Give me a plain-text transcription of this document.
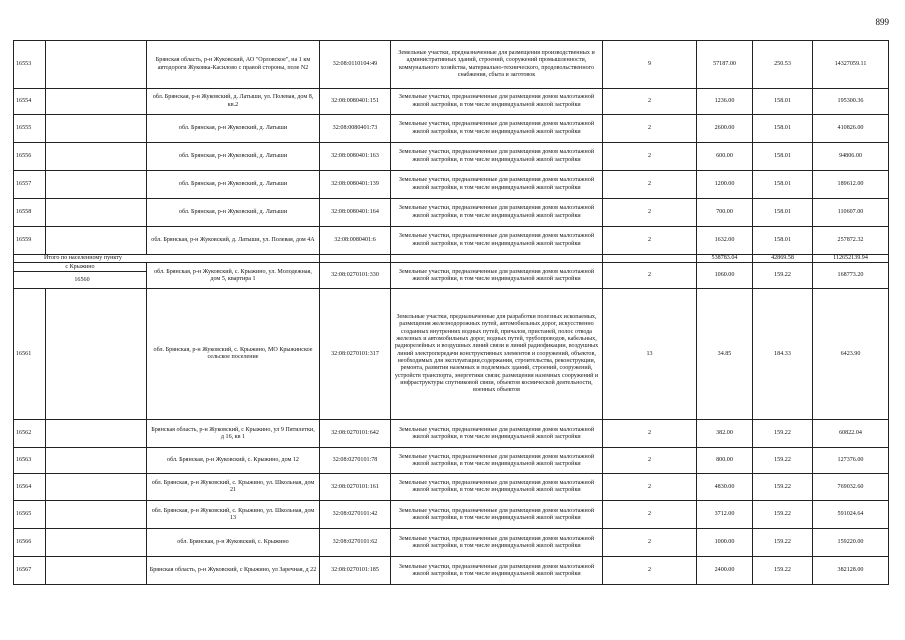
899
16553		Брянская область, р-н Жуковский, АО "Орловское", на 1 км автодороги Жуковка-Касилово с правой стороны, поле N2	32:08:0110104:49	Земельные участки, предназначенные для размещения производственных и административных зданий, строений, сооружений промышленности, коммунального хозяйства, материально-технического, продовольственного снабжения, сбыта и заготовок	9	57187.00	250.53	14327059.11
16554		обл. Брянская, р-н Жуковский, д. Латыши, ул. Полевая, дом 8, кв.2	32:08:0080401:151	Земельные участки, предназначенные для размещения домов малоэтажной жилой застройки, в том числе индивидуальной жилой застройки	2	1236.00	158.01	195300.36
16555		обл. Брянская, р-н Жуковский, д. Латыши	32:08:0080401:73	Земельные участки, предназначенные для размещения домов малоэтажной жилой застройки, в том числе индивидуальной жилой застройки	2	2600.00	158.01	410826.00
16556		обл. Брянская, р-н Жуковский, д. Латыши	32:08:0080401:163	Земельные участки, предназначенные для размещения домов малоэтажной жилой застройки, в том числе индивидуальной жилой застройки	2	600.00	158.01	94806.00
16557		обл. Брянская, р-н Жуковский, д. Латыши	32:08:0080401:139	Земельные участки, предназначенные для размещения домов малоэтажной жилой застройки, в том числе индивидуальной жилой застройки	2	1200.00	158.01	189612.00
16558		обл. Брянская, р-н Жуковский, д. Латыши	32:08:0080401:164	Земельные участки, предназначенные для размещения домов малоэтажной жилой застройки, в том числе индивидуальной жилой застройки	2	700.00	158.01	110607.00
16559		обл. Брянская, р-н Жуковский, д. Латыши, ул. Полевая, дом 4А	32:08:0080401:6	Земельные участки, предназначенные для размещения домов малоэтажной жилой застройки, в том числе индивидуальной жилой застройки	2	1632.00	158.01	257872.32
Итого по населенному пункту						538783.04	42869.58	112652139.94

с Крыжино
16560		обл. Брянская, р-н Жуковский, с. Крыжино, ул. Молодежная, дом 5, квартира 1	32:08:0270101:330	Земельные участки, предназначенные для размещения домов малоэтажной жилой застройки, в том числе индивидуальной жилой застройки	2	1060.00	159.22	168773.20
16561		обл. Брянская, р-н Жуковский, с. Крыжино, МО Крыжинское сельское поселение	32:08:0270101:317	Земельные участки, предназначенные для разработки полезных ископаемых, размещения железнодорожных путей, автомобильных дорог, искусственно созданных внутренних водных путей, причалов, пристаней, полос отвода железных и автомобильных дорог, водных путей, трубопроводов, кабельных, радиорелейных и воздушных линий связи и линий радиофикации, воздушных линий электропередачи конструктивных элементов и сооружений, объектов, необходимых для эксплуатации,содержания, строительства, реконструкции, ремонта, развития наземных и подземных зданий, строений, сооружений, устройств транспорта, энергетики связи; размещения наземных сооружений и инфраструктуры спутниковой связи, объектов космической деятельности, военных объектов	13	34.85	184.33	6423.90
16562		Брянская область, р-н Жуковский, с Крыжино, ул 9 Пятилетки, д 16, кв 1	32:08:0270101:642	Земельные участки, предназначенные для размещения домов малоэтажной жилой застройки, в том числе индивидуальной жилой застройки	2	382.00	159.22	60822.04
16563		обл. Брянская, р-н Жуковский, с. Крыжино, дом 12	32:08:0270101:78	Земельные участки, предназначенные для размещения домов малоэтажной жилой застройки, в том числе индивидуальной жилой застройки	2	800.00	159.22	127376.00
16564		обл. Брянская, р-н Жуковский, с. Крыжино, ул. Школьная, дом 21	32:08:0270101:161	Земельные участки, предназначенные для размещения домов малоэтажной жилой застройки, в том числе индивидуальной жилой застройки	2	4830.00	159.22	769032.60
16565		обл. Брянская, р-н Жуковский, с. Крыжино, ул. Школьная, дом 13	32:08:0270101:42	Земельные участки, предназначенные для размещения домов малоэтажной жилой застройки, в том числе индивидуальной жилой застройки	2	3712.00	159.22	591024.64
16566		обл. Брянская, р-н Жуковский, с. Крыжино	32:08:0270101:62	Земельные участки, предназначенные для размещения домов малоэтажной жилой застройки, в том числе индивидуальной жилой застройки	2	1000.00	159.22	159220.00
16567		Брянская область, р-н Жуковский, с Крыжино, ул Заречная, д 22	32:08:0270101:185	Земельные участки, предназначенные для размещения домов малоэтажной жилой застройки, в том числе индивидуальной жилой застройки	2	2400.00	159.22	382128.00
